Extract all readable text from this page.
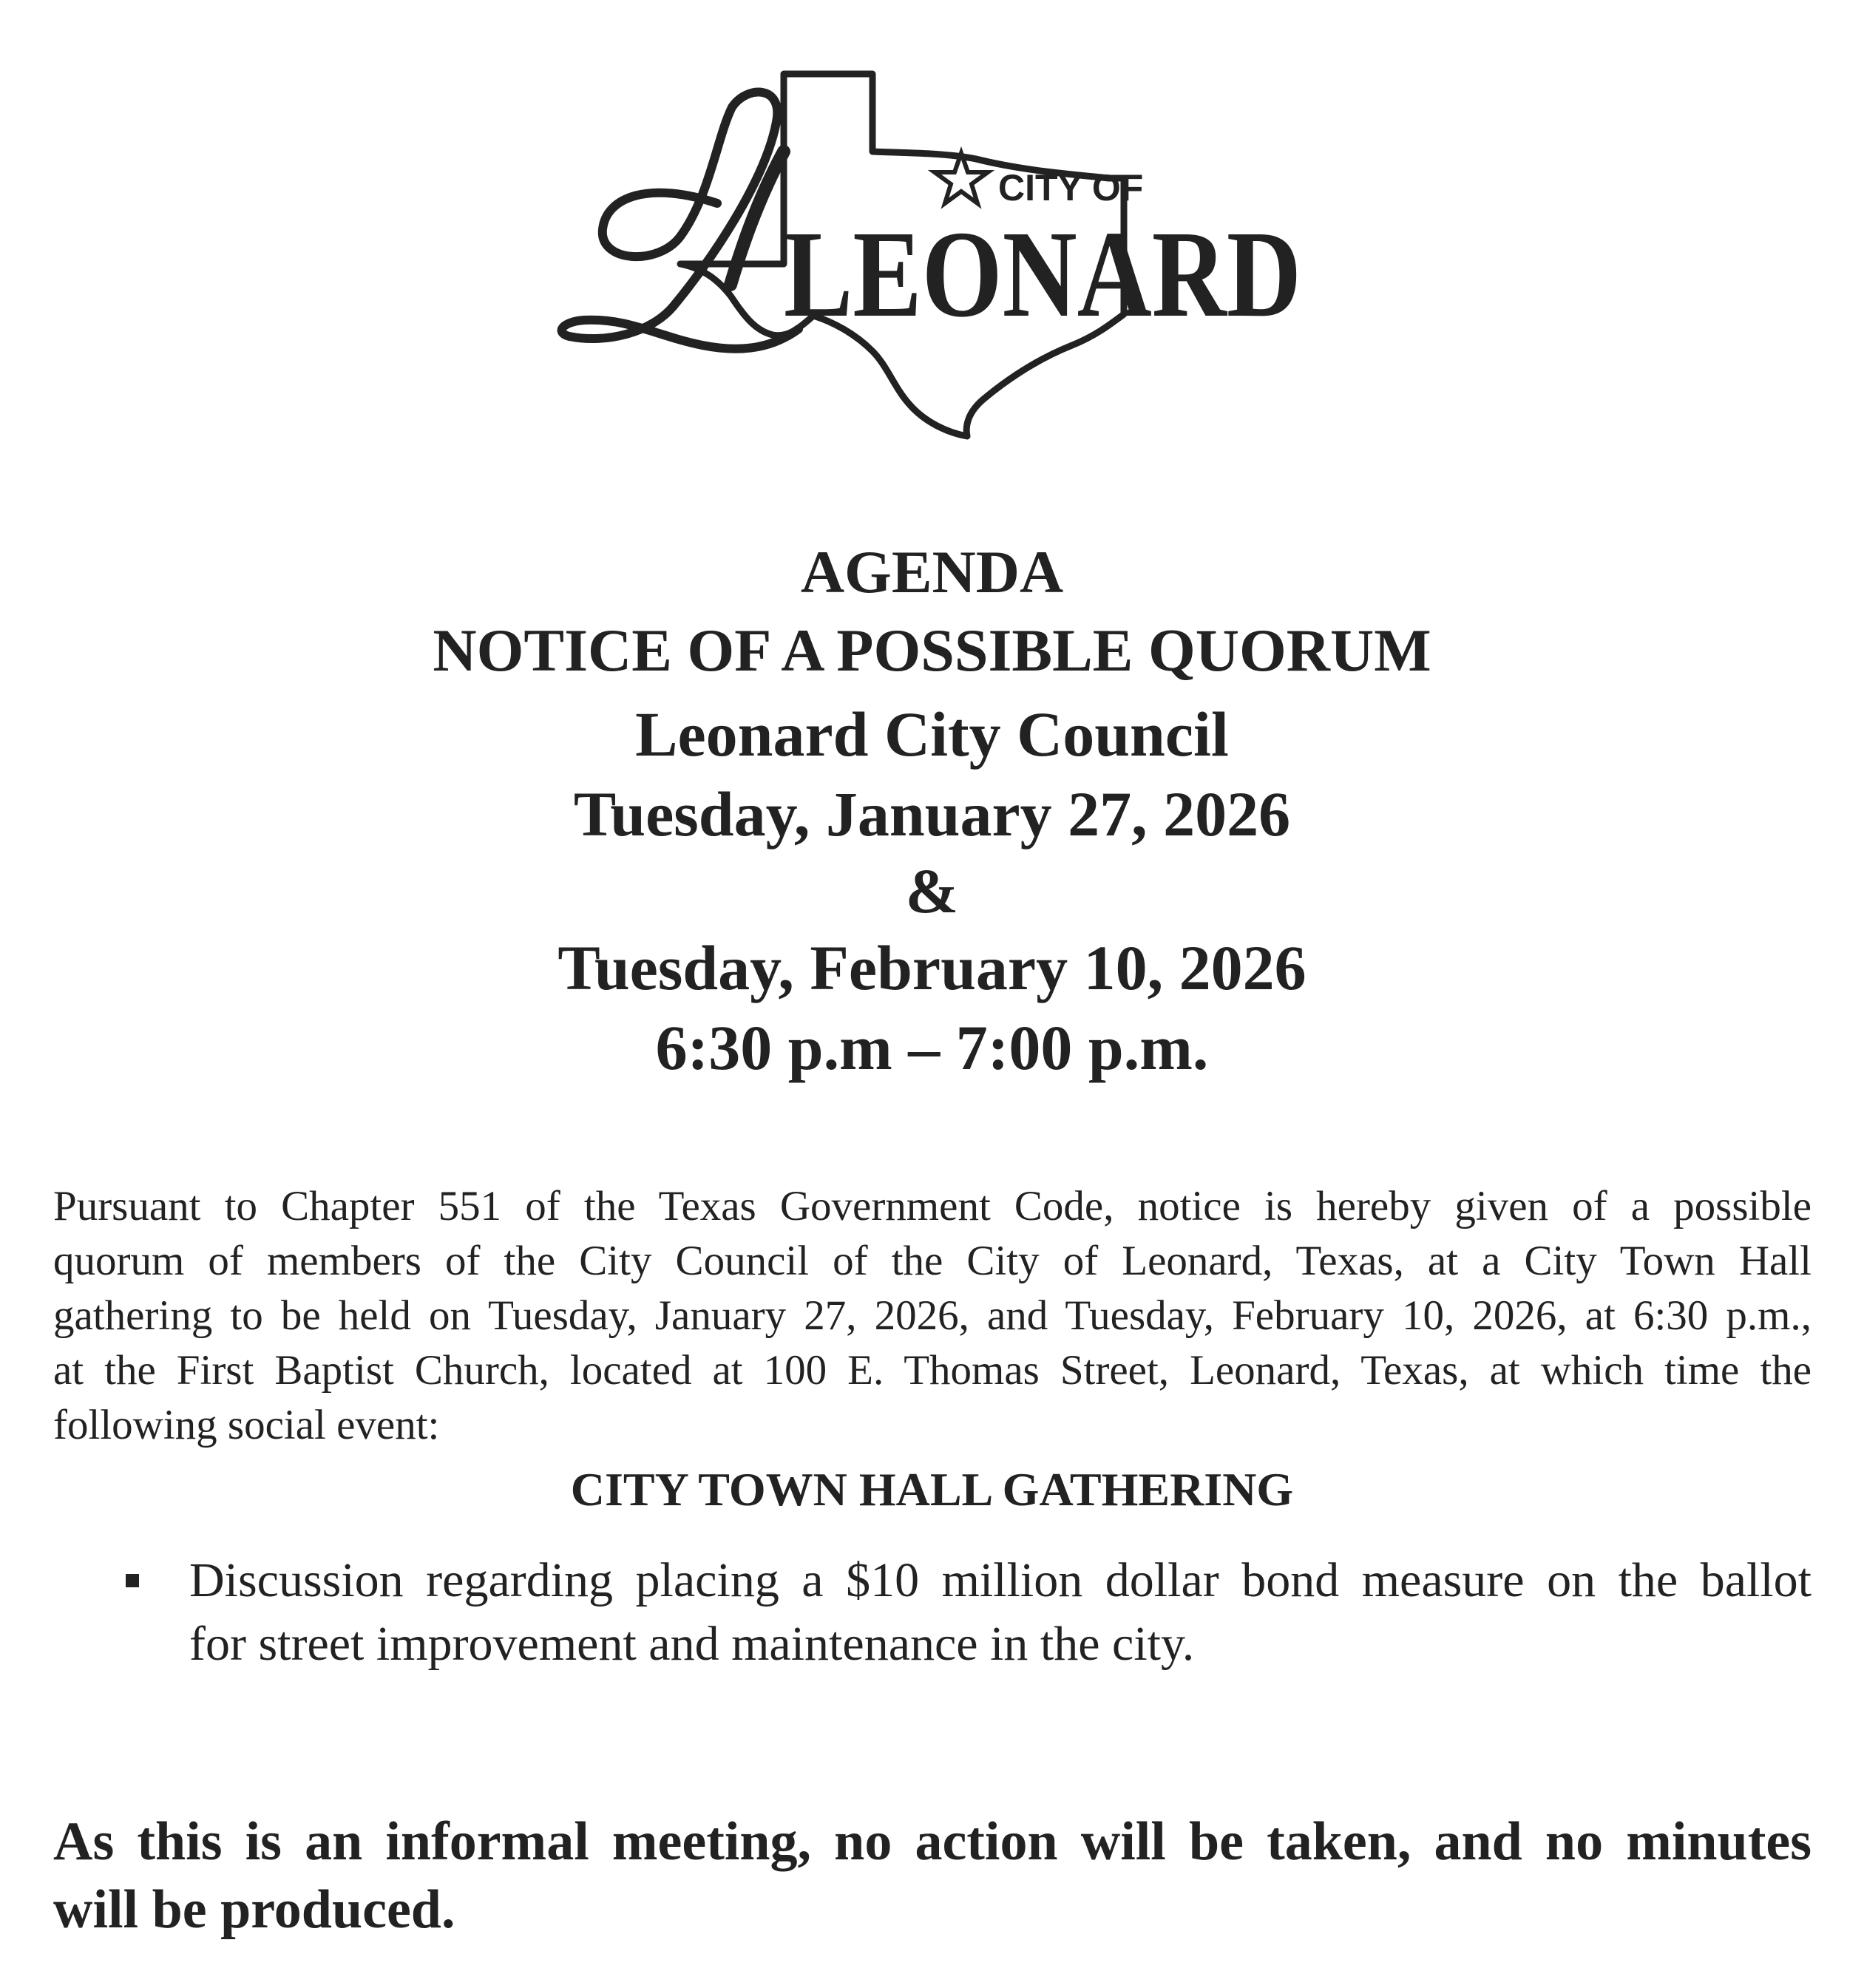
CITY OF
LEONARD
AGENDA
NOTICE OF A POSSIBLE QUORUM
Leonard City Council
Tuesday, January 27, 2026
&
Tuesday, February 10, 2026
6:30 p.m – 7:00 p.m.
Pursuant to Chapter 551 of the Texas Government Code, notice is hereby given of a possible
quorum of members of the City Council of the City of Leonard, Texas, at a City Town Hall
gathering to be held on Tuesday, January 27, 2026, and Tuesday, February 10, 2026, at 6:30 p.m.,
at the First Baptist Church, located at 100 E. Thomas Street, Leonard, Texas, at which time the
following social event:
CITY TOWN HALL GATHERING
Discussion regarding placing a $10 million dollar bond measure on the ballot
for street improvement and maintenance in the city.
As this is an informal meeting, no action will be taken, and no minutes
will be produced.
